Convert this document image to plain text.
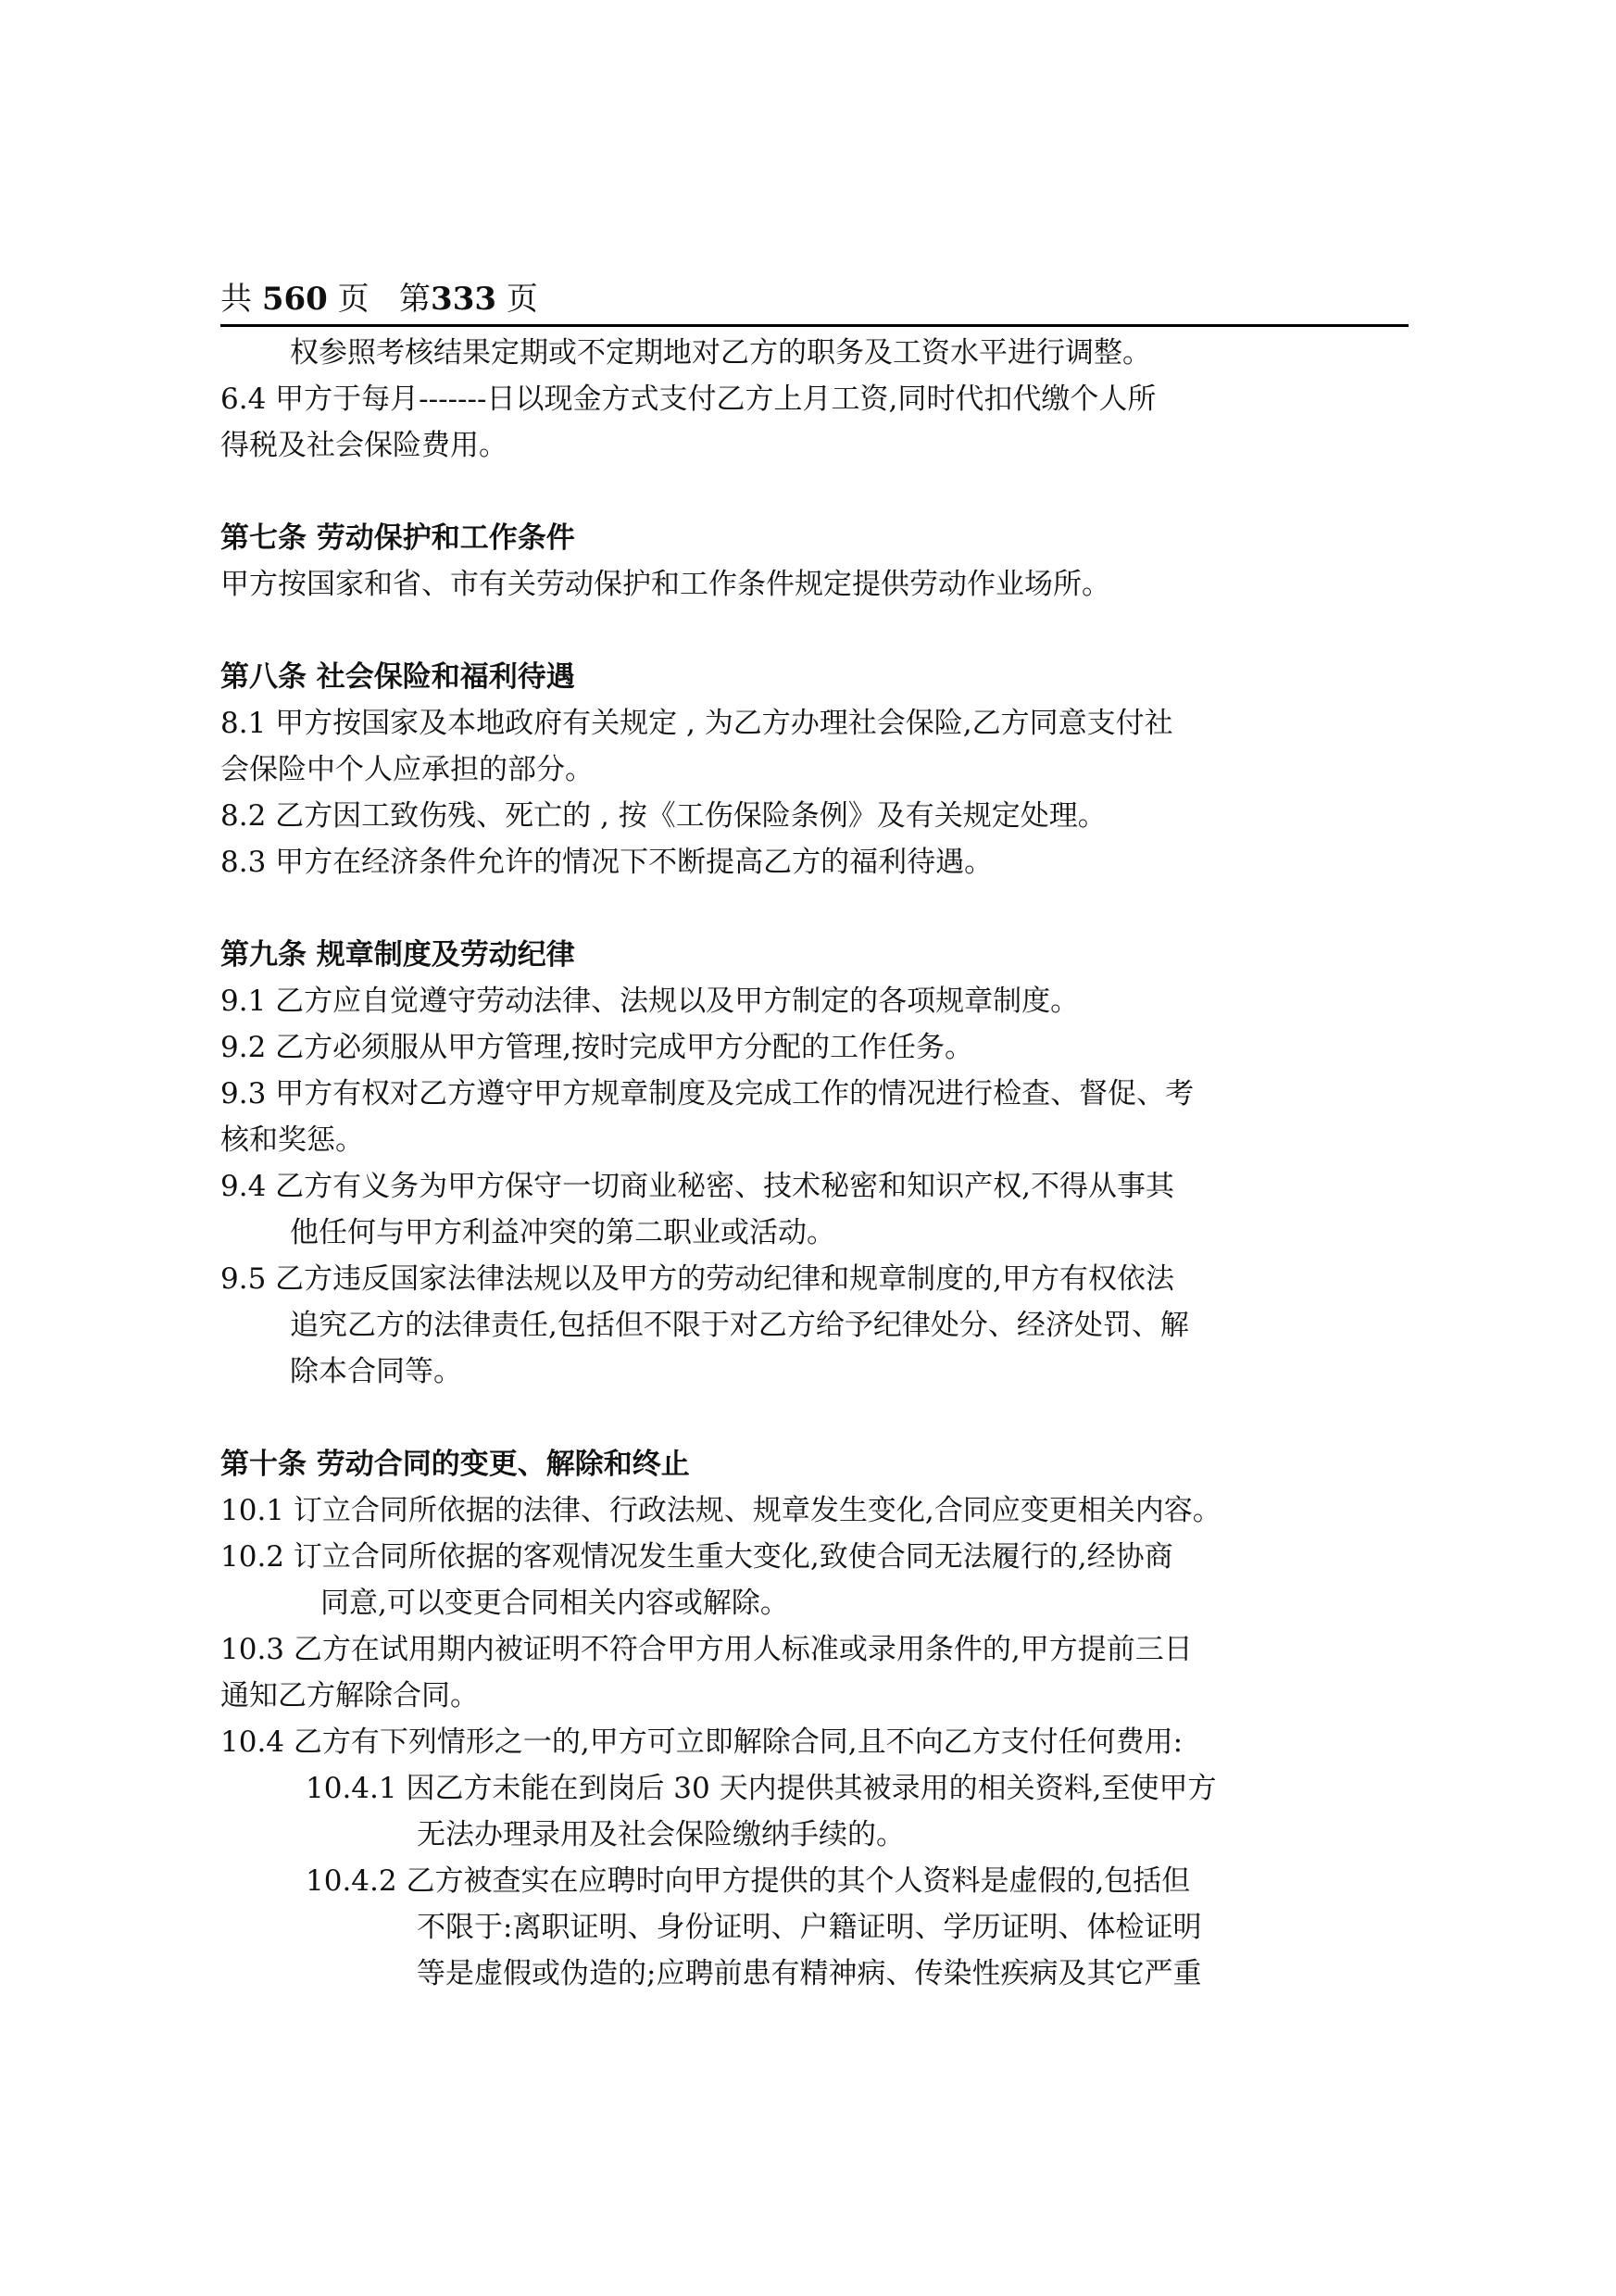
共 560 页 第333 页
权参照考核结果定期或不定期地对乙方的职务及工资水平进行调整。
6.4 甲方于每月-------日以现金方式支付乙方上月工资,同时代扣代缴个人所
得税及社会保险费用。
第七条 劳动保护和工作条件
甲方按国家和省、市有关劳动保护和工作条件规定提供劳动作业场所。
第八条 社会保险和福利待遇
8.1 甲方按国家及本地政府有关规定 , 为乙方办理社会保险,乙方同意支付社
会保险中个人应承担的部分。
8.2 乙方因工致伤残、死亡的 , 按《工伤保险条例》及有关规定处理。
8.3 甲方在经济条件允许的情况下不断提高乙方的福利待遇。
第九条 规章制度及劳动纪律
9.1 乙方应自觉遵守劳动法律、法规以及甲方制定的各项规章制度。
9.2 乙方必须服从甲方管理,按时完成甲方分配的工作任务。
9.3 甲方有权对乙方遵守甲方规章制度及完成工作的情况进行检查、督促、考
核和奖惩。
9.4 乙方有义务为甲方保守一切商业秘密、技术秘密和知识产权,不得从事其
他任何与甲方利益冲突的第二职业或活动。
9.5 乙方违反国家法律法规以及甲方的劳动纪律和规章制度的,甲方有权依法
追究乙方的法律责任,包括但不限于对乙方给予纪律处分、经济处罚、解
除本合同等。
第十条 劳动合同的变更、解除和终止
10.1 订立合同所依据的法律、行政法规、规章发生变化,合同应变更相关内容。
10.2 订立合同所依据的客观情况发生重大变化,致使合同无法履行的,经协商
同意,可以变更合同相关内容或解除。
10.3 乙方在试用期内被证明不符合甲方用人标准或录用条件的,甲方提前三日
通知乙方解除合同。
10.4 乙方有下列情形之一的,甲方可立即解除合同,且不向乙方支付任何费用:
10.4.1 因乙方未能在到岗后 30 天内提供其被录用的相关资料,至使甲方
无法办理录用及社会保险缴纳手续的。
10.4.2 乙方被查实在应聘时向甲方提供的其个人资料是虚假的,包括但
不限于:离职证明、身份证明、户籍证明、学历证明、体检证明
等是虚假或伪造的;应聘前患有精神病、传染性疾病及其它严重
